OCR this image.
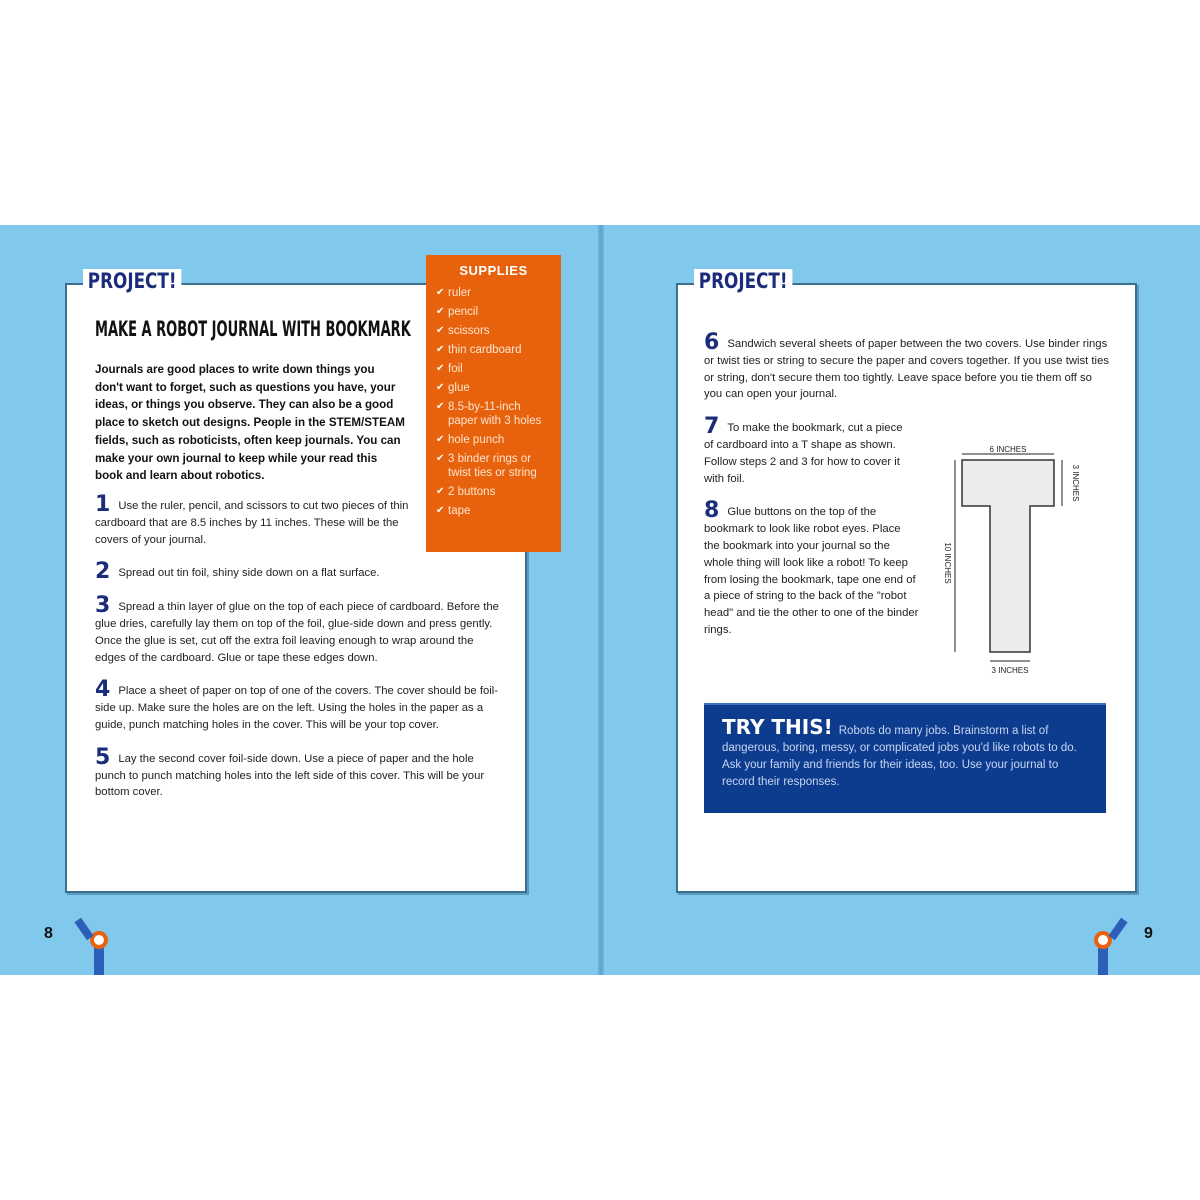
PROJECT!
MAKE A ROBOT JOURNAL WITH BOOKMARK
Journals are good places to write down things you don't want to forget, such as questions you have, your ideas, or things you observe. They can also be a good place to sketch out designs. People in the STEM/STEAM fields, such as roboticists, often keep journals. You can make your own journal to keep while your read this book and learn about robotics.
1 Use the ruler, pencil, and scissors to cut two pieces of thin cardboard that are 8.5 inches by 11 inches. These will be the covers of your journal.
2 Spread out tin foil, shiny side down on a flat surface.
3 Spread a thin layer of glue on the top of each piece of cardboard. Before the glue dries, carefully lay them on top of the foil, glue-side down and press gently. Once the glue is set, cut off the extra foil leaving enough to wrap around the edges of the cardboard. Glue or tape these edges down.
4 Place a sheet of paper on top of one of the covers. The cover should be foil-side up. Make sure the holes are on the left. Using the holes in the paper as a guide, punch matching holes in the cover. This will be your top cover.
5 Lay the second cover foil-side down. Use a piece of paper and the hole punch to punch matching holes into the left side of this cover. This will be your bottom cover.
SUPPLIES
✔ ruler
✔ pencil
✔ scissors
✔ thin cardboard
✔ foil
✔ glue
✔ 8.5-by-11-inch paper with 3 holes
✔ hole punch
✔ 3 binder rings or twist ties or string
✔ 2 buttons
✔ tape
8
PROJECT!
6 Sandwich several sheets of paper between the two covers. Use binder rings or twist ties or string to secure the paper and covers together. If you use twist ties or string, don't secure them too tightly. Leave space before you tie them off so you can open your journal.
7 To make the bookmark, cut a piece of cardboard into a T shape as shown. Follow steps 2 and 3 for how to cover it with foil.
8 Glue buttons on the top of the bookmark to look like robot eyes. Place the bookmark into your journal so the whole thing will look like a robot! To keep from losing the bookmark, tape one end of a piece of string to the back of the "robot head" and tie the other to one of the binder rings.
6 INCHES
3 INCHES
10 INCHES
3 INCHES
TRY THIS! Robots do many jobs. Brainstorm a list of dangerous, boring, messy, or complicated jobs you'd like robots to do. Ask your family and friends for their ideas, too. Use your journal to record their responses.
9
